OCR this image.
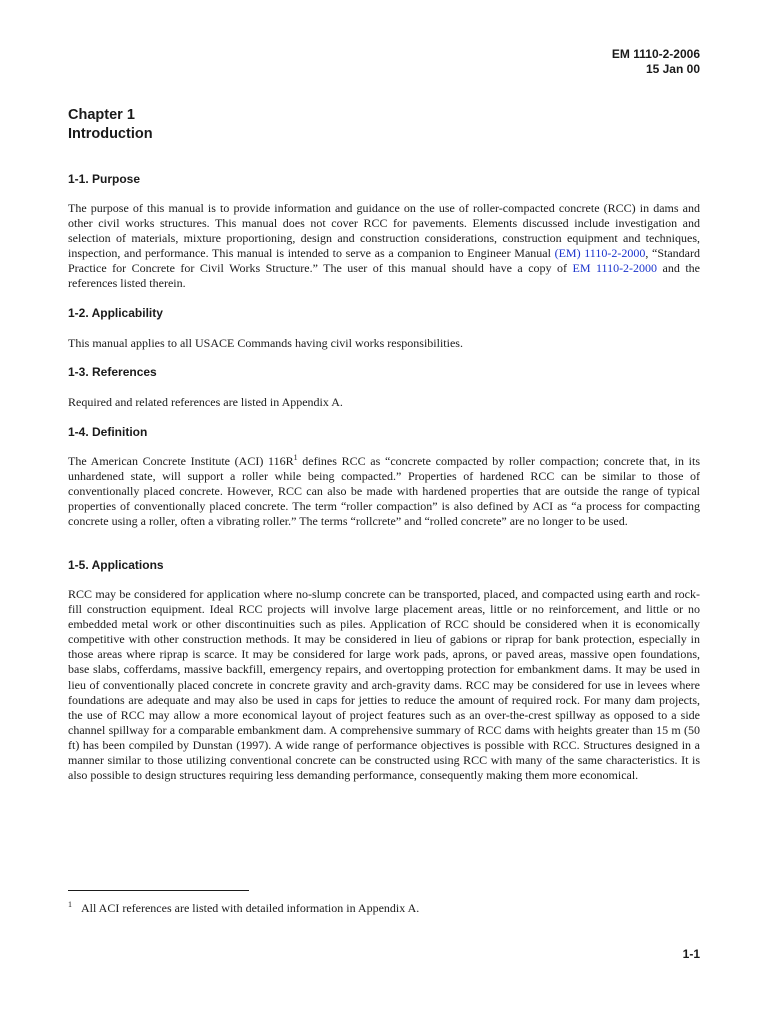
EM 1110-2-2006
15 Jan 00
Chapter 1
Introduction
1-1. Purpose

The purpose of this manual is to provide information and guidance on the use of roller-compacted concrete (RCC) in dams and other civil works structures. This manual does not cover RCC for pavements. Elements discussed include investigation and selection of materials, mixture proportioning, design and construction considerations, construction equipment and techniques, inspection, and performance. This manual is intended to serve as a companion to Engineer Manual (EM) 1110-2-2000, “Standard Practice for Concrete for Civil Works Structure.” The user of this manual should have a copy of EM 1110-2-2000 and the references listed therein.

1-2. Applicability

This manual applies to all USACE Commands having civil works responsibilities.

1-3. References

Required and related references are listed in Appendix A.

1-4. Definition

The American Concrete Institute (ACI) $116R^1$ defines RCC as “concrete compacted by roller compaction; concrete that, in its unhardened state, will support a roller while being compacted.” Properties of hardened RCC can be similar to those of conventionally placed concrete. However, RCC can also be made with hardened properties that are outside the range of typical properties of conventionally placed concrete. The term “roller compaction” is also defined by ACI as “a process for compacting concrete using a roller, often a vibrating roller.” The terms “rollcrete” and “rolled concrete” are no longer to be used.

1-5. Applications

RCC may be considered for application where no-slump concrete can be transported, placed, and compacted using earth and rock-fill construction equipment. Ideal RCC projects will involve large placement areas, little or no reinforcement, and little or no embedded metal work or other discontinuities such as piles. Application of RCC should be considered when it is economically competitive with other construction methods. It may be considered in lieu of gabions or riprap for bank protection, especially in those areas where riprap is scarce. It may be considered for large work pads, aprons, or paved areas, massive open foundations, base slabs, cofferdams, massive backfill, emergency repairs, and overtopping protection for embankment dams. It may be used in lieu of conventionally placed concrete in concrete gravity and arch-gravity dams. RCC may be considered for use in levees where foundations are adequate and may also be used in caps for jetties to reduce the amount of required rock. For many dam projects, the use of RCC may allow a more economical layout of project features such as an over-the-crest spillway as opposed to a side channel spillway for a comparable embankment dam. A comprehensive summary of RCC dams with heights greater than 15 m (50 ft) has been compiled by Dunstan (1997). A wide range of performance objectives is possible with RCC. Structures designed in a manner similar to those utilizing conventional concrete can be constructed using RCC with many of the same characteristics. It is also possible to design structures requiring less demanding performance, consequently making them more economical.

$^1$ All ACI references are listed with detailed information in Appendix A.
1-1
